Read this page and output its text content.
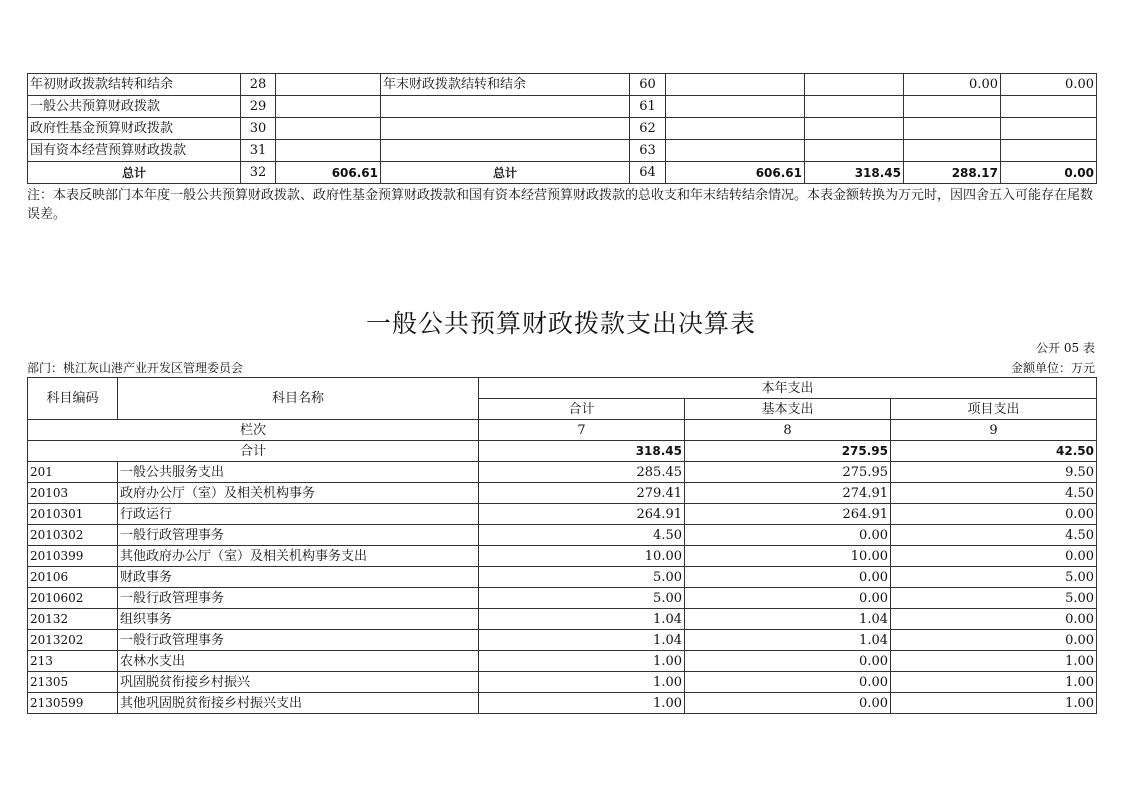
年初财政拨款结转和结余	28		年末财政拨款结转和结余	60			0.00	0.00
一般公共预算财政拨款	29			61				
政府性基金预算财政拨款	30			62				
国有资本经营预算财政拨款	31			63				
总计	32	606.61	总计	64	606.61	318.45	288.17	0.00
注：本表反映部门本年度一般公共预算财政拨款、政府性基金预算财政拨款和国有资本经营预算财政拨款的总收支和年末结转结余情况。本表金额转换为万元时，因四舍五入可能存在尾数误差。
一般公共预算财政拨款支出决算表
公开 05 表
部门：桃江灰山港产业开发区管理委员会	金额单位：万元
科目编码	科目名称	本年支出		
		合计	基本支出	项目支出
栏次		7	8	9
合计		318.45	275.95	42.50
201	一般公共服务支出	285.45	275.95	9.50
20103	政府办公厅（室）及相关机构事务	279.41	274.91	4.50
2010301	行政运行	264.91	264.91	0.00
2010302	一般行政管理事务	4.50	0.00	4.50
2010399	其他政府办公厅（室）及相关机构事务支出	10.00	10.00	0.00
20106	财政事务	5.00	0.00	5.00
2010602	一般行政管理事务	5.00	0.00	5.00
20132	组织事务	1.04	1.04	0.00
2013202	一般行政管理事务	1.04	1.04	0.00
213	农林水支出	1.00	0.00	1.00
21305	巩固脱贫衔接乡村振兴	1.00	0.00	1.00
2130599	其他巩固脱贫衔接乡村振兴支出	1.00	0.00	1.00
